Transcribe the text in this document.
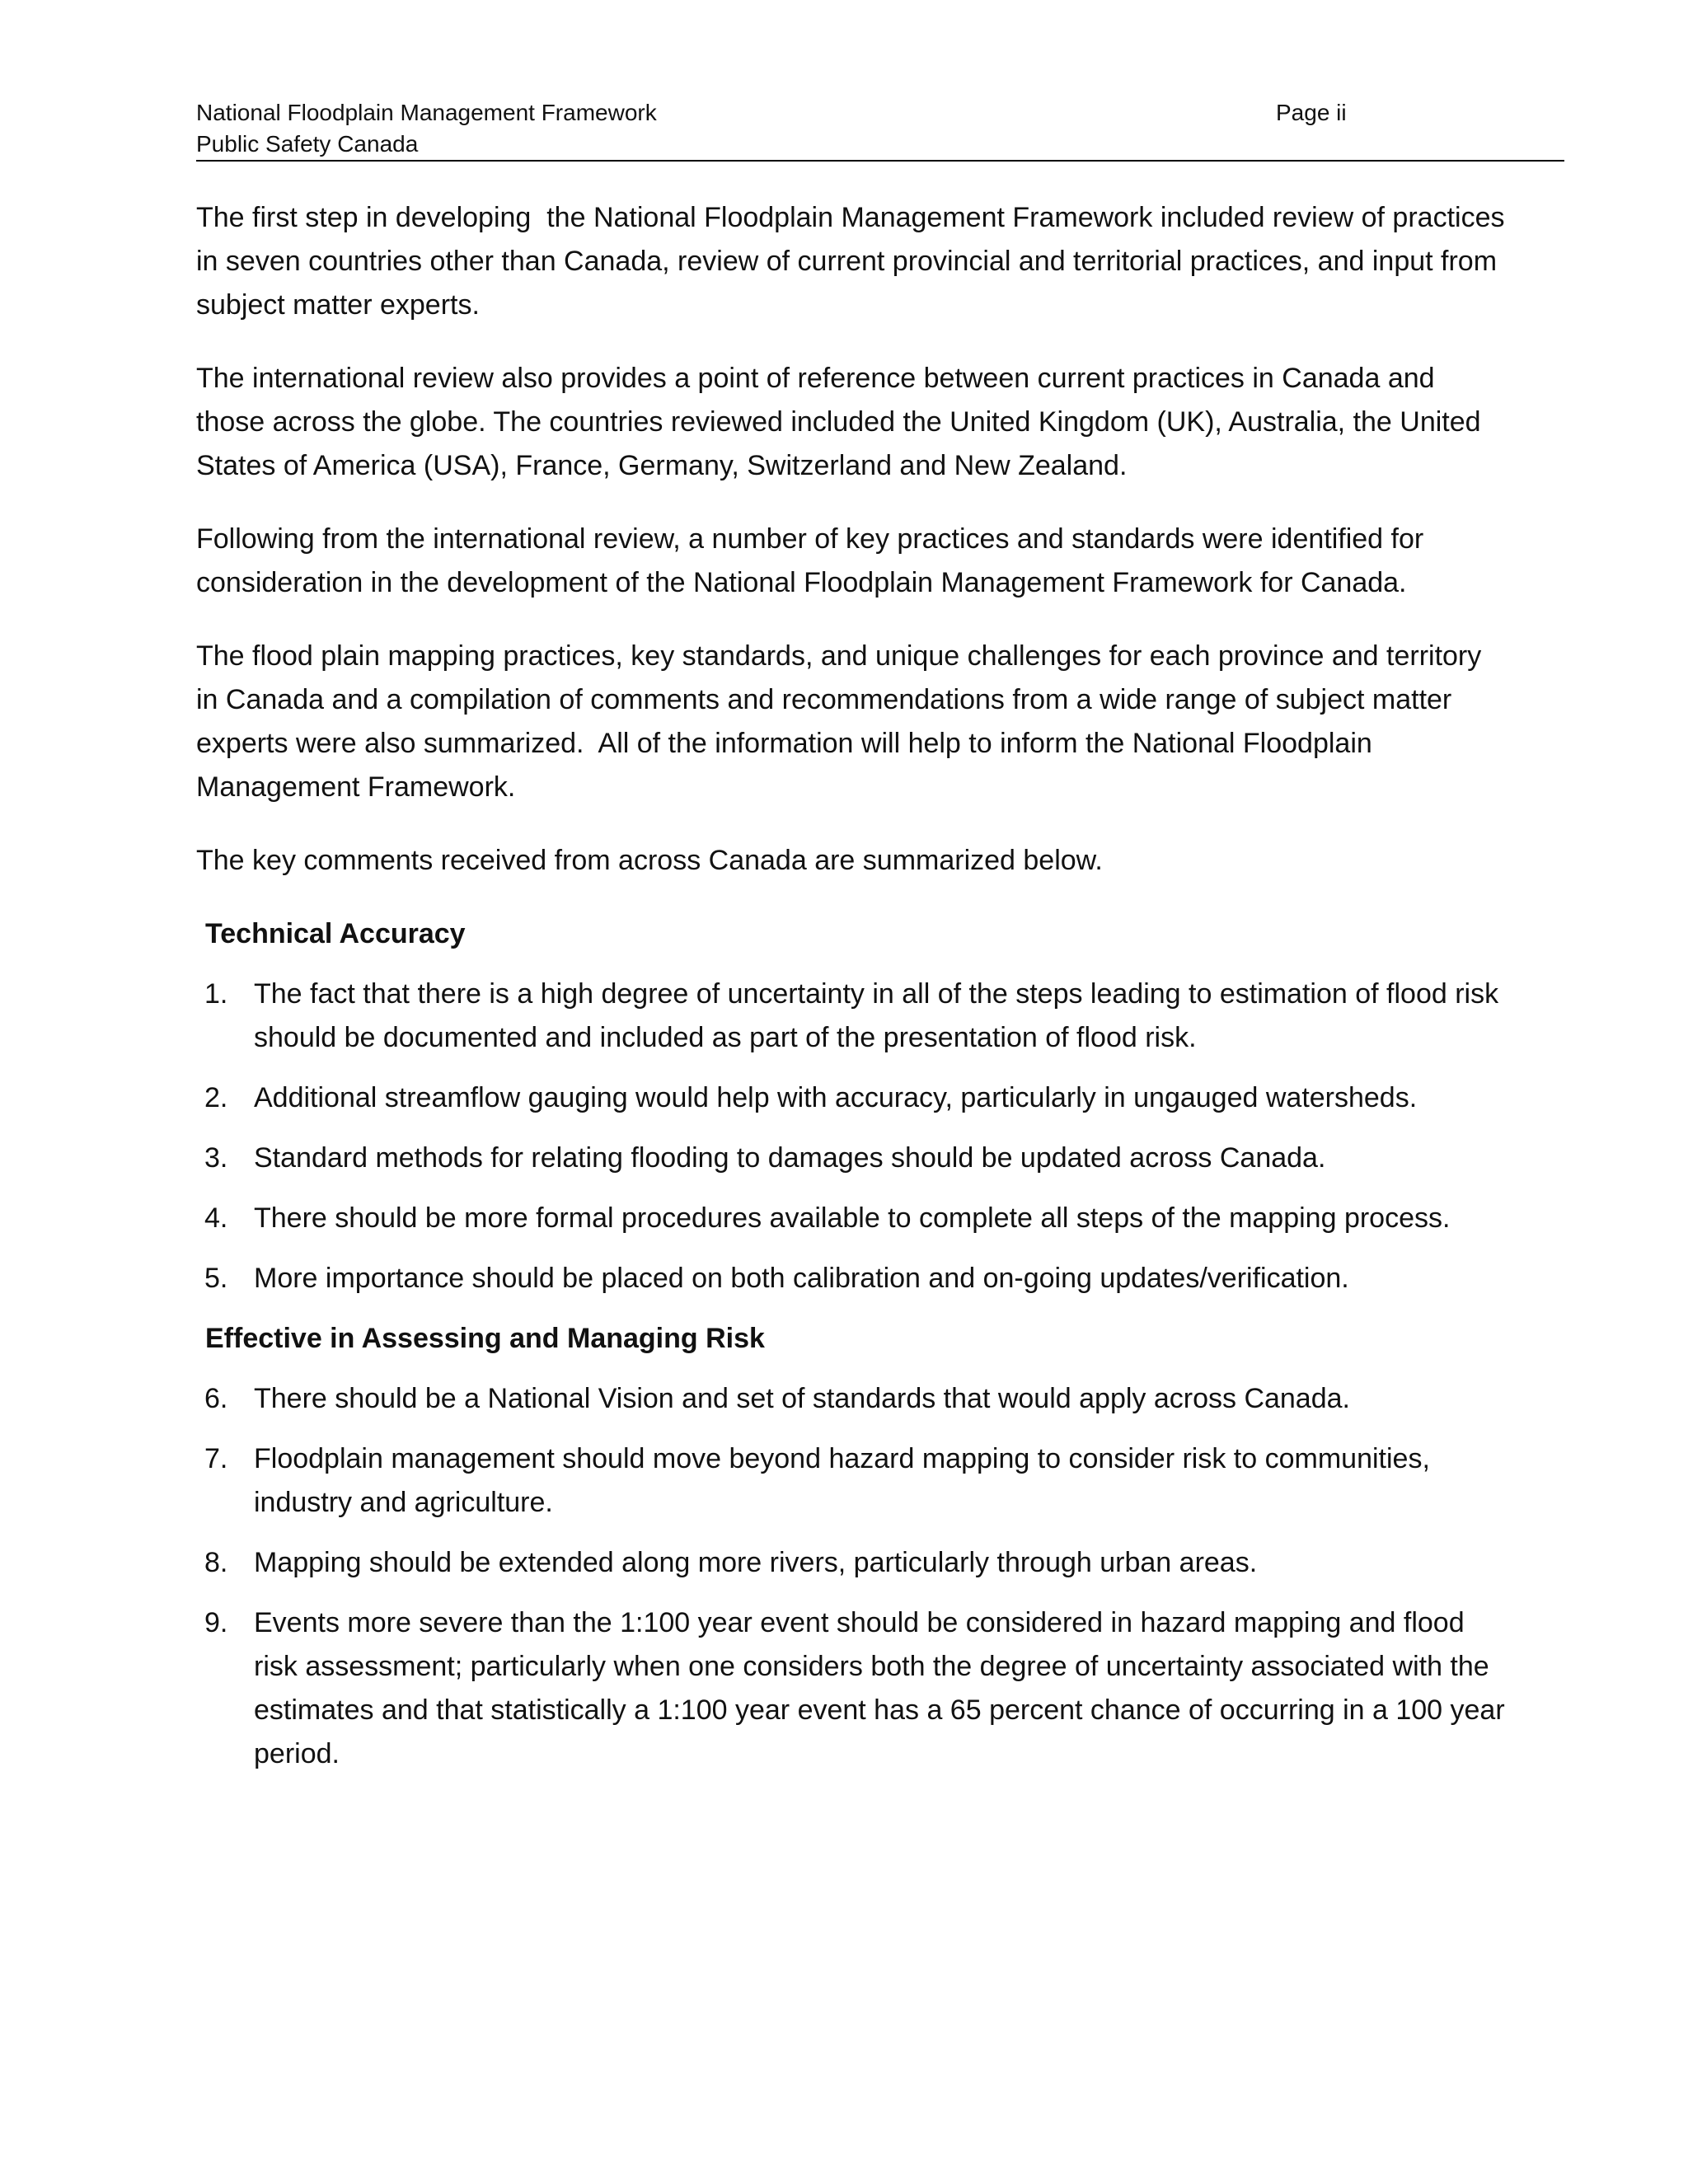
National Floodplain Management Framework
Public Safety Canada
Page ii

The first step in developing  the National Floodplain Management Framework included review of practices in seven countries other than Canada, review of current provincial and territorial practices, and input from subject matter experts.

The international review also provides a point of reference between current practices in Canada and those across the globe. The countries reviewed included the United Kingdom (UK), Australia, the United States of America (USA), France, Germany, Switzerland and New Zealand.

Following from the international review, a number of key practices and standards were identified for consideration in the development of the National Floodplain Management Framework for Canada.

The flood plain mapping practices, key standards, and unique challenges for each province and territory in Canada and a compilation of comments and recommendations from a wide range of subject matter experts were also summarized.  All of the information will help to inform the National Floodplain Management Framework.

The key comments received from across Canada are summarized below.

Technical Accuracy
1. The fact that there is a high degree of uncertainty in all of the steps leading to estimation of flood risk should be documented and included as part of the presentation of flood risk.
2. Additional streamflow gauging would help with accuracy, particularly in ungauged watersheds.
3. Standard methods for relating flooding to damages should be updated across Canada.
4. There should be more formal procedures available to complete all steps of the mapping process.
5. More importance should be placed on both calibration and on-going updates/verification.
Effective in Assessing and Managing Risk
6. There should be a National Vision and set of standards that would apply across Canada.
7. Floodplain management should move beyond hazard mapping to consider risk to communities, industry and agriculture.
8. Mapping should be extended along more rivers, particularly through urban areas.
9. Events more severe than the 1:100 year event should be considered in hazard mapping and flood risk assessment; particularly when one considers both the degree of uncertainty associated with the estimates and that statistically a 1:100 year event has a 65 percent chance of occurring in a 100 year period.
